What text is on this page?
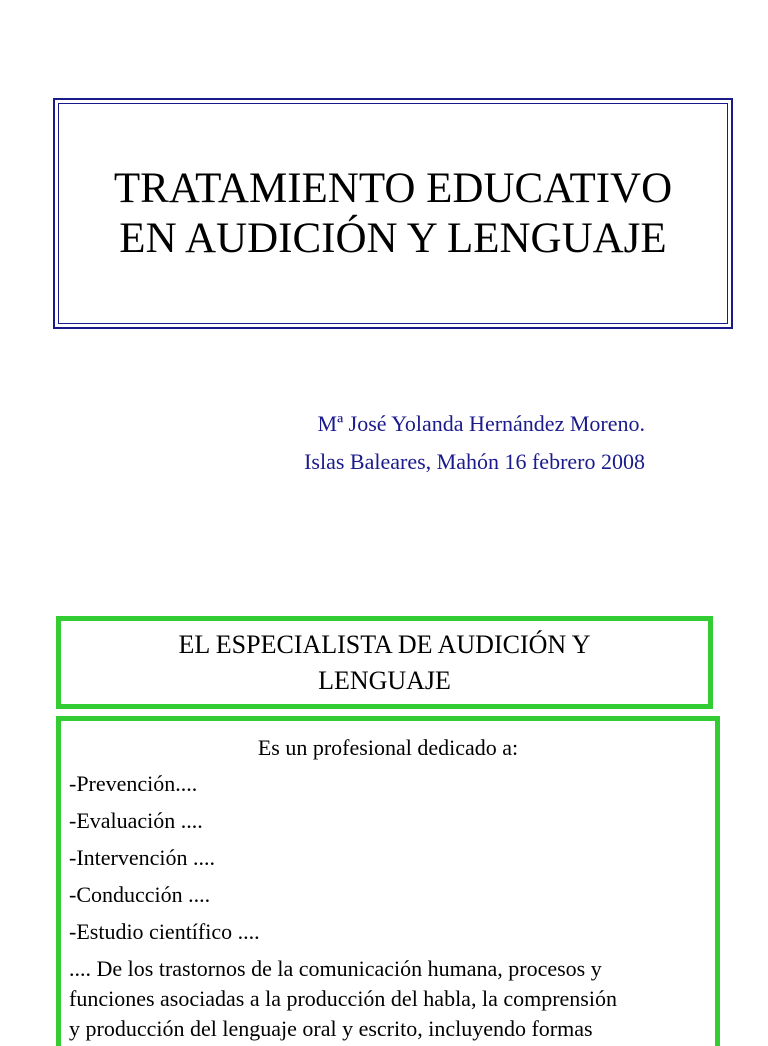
TRATAMIENTO EDUCATIVO
EN AUDICIÓN Y LENGUAJE
Mª José Yolanda Hernández Moreno.
Islas Baleares, Mahón 16 febrero 2008
EL ESPECIALISTA DE AUDICIÓN Y
LENGUAJE
Es un profesional dedicado a:
-Prevención....
-Evaluación ....
-Intervención ....
-Conducción ....
-Estudio científico ....

.... De los trastornos de la comunicación humana, procesos y
funciones asociadas a la producción del habla, la comprensión
y producción del lenguaje oral y escrito, incluyendo formas
